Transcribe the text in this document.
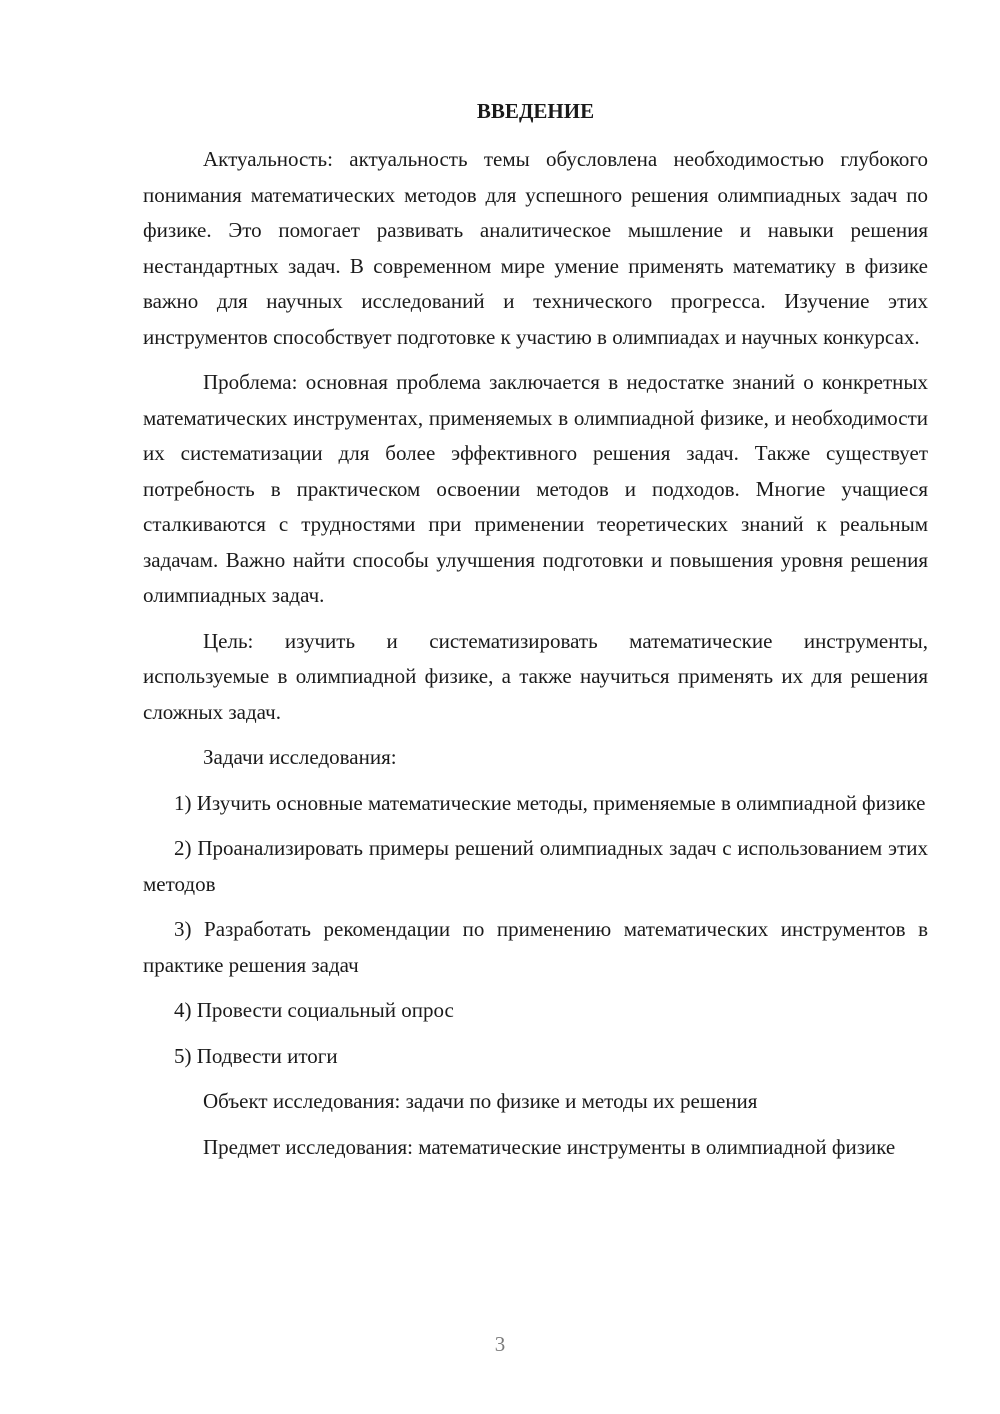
ВВЕДЕНИЕ

Актуальность: актуальность темы обусловлена необходимостью глубокого понимания математических методов для успешного решения олимпиадных задач по физике. Это помогает развивать аналитическое мышление и навыки решения нестандартных задач. В современном мире умение применять математику в физике важно для научных исследований и технического прогресса. Изучение этих инструментов способствует подготовке к участию в олимпиадах и научных конкурсах.

Проблема: основная проблема заключается в недостатке знаний о конкретных математических инструментах, применяемых в олимпиадной физике, и необходимости их систематизации для более эффективного решения задач. Также существует потребность в практическом освоении методов и подходов. Многие учащиеся сталкиваются с трудностями при применении теоретических знаний к реальным задачам. Важно найти способы улучшения подготовки и повышения уровня решения олимпиадных задач.

Цель: изучить и систематизировать математические инструменты, используемые в олимпиадной физике, а также научиться применять их для решения сложных задач.

Задачи исследования:

1) Изучить основные математические методы, применяемые в олимпиадной физике

2) Проанализировать примеры решений олимпиадных задач с использованием этих методов

3) Разработать рекомендации по применению математических инструментов в практике решения задач

4) Провести социальный опрос

5) Подвести итоги

Объект исследования: задачи по физике и методы их решения

Предмет исследования: математические инструменты в олимпиадной физике

3
